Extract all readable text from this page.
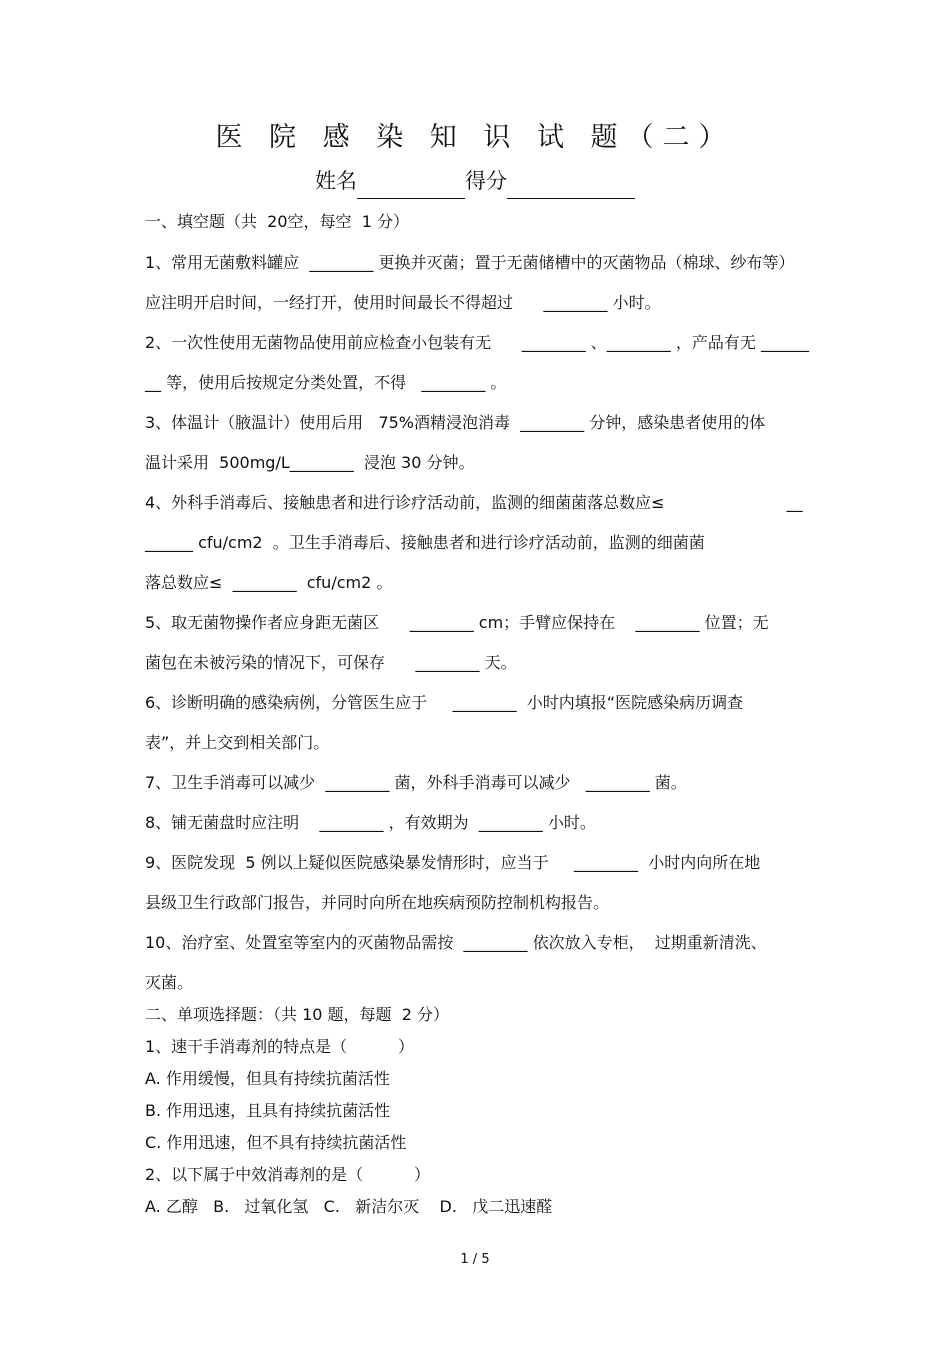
医 院 感 染 知 识 试 题（二）
姓名	得分
一、填空题（共  20空，每空  1 分）
1、常用无菌敷料罐应  ________ 更换并灭菌；置于无菌储槽中的灭菌物品（棉球、纱布等）
应注明开启时间，一经打开，使用时间最长不得超过      ________ 小时。
2、一次性使用无菌物品使用前应检查小包装有无      ________ 、________ ，产品有无 ______
__ 等，使用后按规定分类处置，不得   ________ 。
3、体温计（腋温计）使用后用   75%酒精浸泡消毒  ________ 分钟，感染患者使用的体
温计采用  500mg/L________  浸泡 30 分钟。
4、外科手消毒后、接触患者和进行诊疗活动前，监测的细菌菌落总数应≤                        __
______ cfu/cm2  。卫生手消毒后、接触患者和进行诊疗活动前，监测的细菌菌
落总数应≤  ________  cfu/cm2 。
5、取无菌物操作者应身距无菌区      ________ cm；手臂应保持在    ________ 位置；无
菌包在未被污染的情况下，可保存      ________ 天。
6、诊断明确的感染病例，分管医生应于     ________  小时内填报“医院感染病历调查
表”，并上交到相关部门。
7、卫生手消毒可以减少  ________ 菌，外科手消毒可以减少   ________ 菌。
8、铺无菌盘时应注明    ________ ，有效期为  ________ 小时。
9、医院发现  5 例以上疑似医院感染暴发情形时，应当于     ________  小时内向所在地
县级卫生行政部门报告，并同时向所在地疾病预防控制机构报告。
10、治疗室、处置室等室内的灭菌物品需按  ________ 依次放入专柜，  过期重新清洗、
灭菌。
二、单项选择题：（共 10 题，每题  2 分）
1、速干手消毒剂的特点是（          ）
A. 作用缓慢，但具有持续抗菌活性
B. 作用迅速，且具有持续抗菌活性
C. 作用迅速，但不具有持续抗菌活性
2、以下属于中效消毒剂的是（          ）
A. 乙醇   B.   过氧化氢   C.   新洁尔灭    D.   戊二迅速醛
1 / 5
